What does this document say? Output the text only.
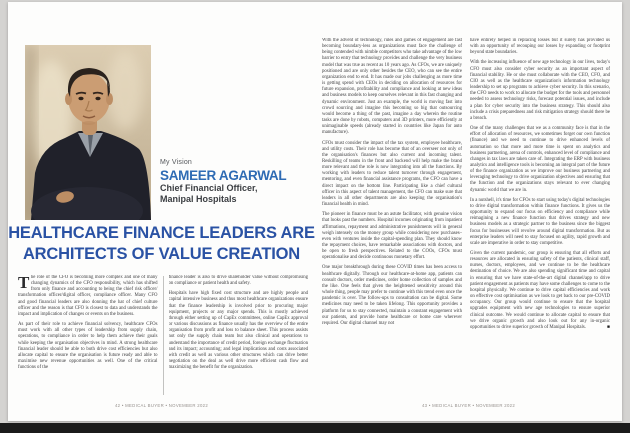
My Vision
SAMEER AGARWAL
Chief Financial Officer,
Manipal Hospitals
HEALTHCARE FINANCE LEADERS ARE
ARCHITECTS OF VALUE CREATION

The role of the CFO is becoming more complex and one of many changing dynamics of the CFO responsibility, which has shifted from only finance and accounting to being the chief risk officer/ transformation officer/digital officer, compliance officer. Many CFO and good financial leaders are also donning the hat of chief culture officer and the reason is that CFO is closest to data and understands the impact and implication of changes or events on the business.

As part of their role to achieve financial solvency, healthcare CFOs must work with all other types of leadership from supply chain, operations, to compliance in order to help them achieve their goals while keeping the organisation objectives in mind. A strong healthcare financial leader should be able to both drive cost efficiencies but also allocate capital to ensure the organisation is future ready and able to maximise new revenue opportunities as well. One of the critical functions of the

finance leader is also to drive shareholder value without compromising on compliance or patient health and safety.

Hospitals have high fixed cost structure and are highly people and capital intensive business and thus most healthcare organizations ensure that the finance leadership is involved prior to procuring major equipment, projects or any major spends. This is mostly achieved through either setting up of CapEx committees, online CapEx approval or various discussions as finance usually has the overview of the entire organisation from profit and loss to balance sheet. This process assists not only the supply chain team but also clinical and operations to understand the importance of credit period, foreign exchange fluctuation and its impact; accounting; and legal implications and costs associated with credit as well as various other structures which can drive better negotiation on the deal as well drive more efficient cash flow and maximizing the benefit for the organization.

42 • MEDICAL BUYER • NOVEMBER 2022

With the advent of technology, rules and games of engagement are fast becoming boundary-less as organizations must face the challenge of being contended with nimble competitors who take advantage of the low barrier to entry that technology provides and challenge the very business model that was true as recent as 10 years ago. As CFOs, we are uniquely positioned and are only other besides the CEO, who can see the entire organization end to end. It has made our jobs challenging as more time is getting spend with CEOs in deciding on allocation of resources for future expansion, profitability and compliance and looking at new ideas and business models to keep ourselves relevant in this fast changing and dynamic environment. Just an example, the world is moving fast into crowd sourcing and imagine this becoming so big that outsourcing would become a thing of the past, imagine a day wherein the routine tasks are done by robots, computers and 3D printers, more efficiently at unimaginable speeds (already started in countries like Japan for auto manufacture).

CFOs must consider the impact of the tax system, employee healthcare, and utility costs. Their role has become that of an overseer not only of the organisation's finances but also current and incoming talent. Reskilling of teams in the front and backend will help make the brand more relevant and the role is now integrating into all the functions. By working with leaders to reduce talent turnover through engagement, mentoring, and even financial assistance programs, the CFO can have a direct impact on the bottom line. Participating like a chief cultural officer in this aspect of talent management, the CFO can make sure that leaders in all other departments are also keeping the organisation's financial health in mind.

The pioneer in finance must be an astute facilitator, with genuine vision that looks past the numbers. Hospital incomes originating from inpatient affirmations, repayment and administrative punishments will in general weigh intensely on the money group while considering new purchases–even with ventures inside the capital-spending plan. They should know the repayment choices, have remarkable associations with doctors, and be open to fresh perspectives. Related to the COOs, CFOs must operationalise and decide continuous monetary effort.

One major breakthrough during these COVID times has been access to healthcare digitally. Through our healthcare-at-home app, patients can consult doctors, order medicines, order home collection of samples and the like. One feels that given the heightened sensitivity around this whole thing, people may prefer to continue with this trend even once the pandemic is over. The follow-ups to consultation can be digital. Some medicines may need to be taken lifelong. This opportunity provides a platform for us to stay connected, maintain a constant engagement with our patients, and provide home healthcare or home care wherever required. Our digital channel may not

have entirely helped in replacing losses but it surely has provided us with an opportunity of recouping our losses by expanding or footprint beyond state boundaries.

With the increasing influence of new age technology in our lives, today's CFO must also consider cyber security as an important aspect of financial stability. He or she must collaborate with the CEO, CFO, and CIO as well as the healthcare organization's information technology leadership to set up programs to achieve cyber security. In this scenario, the CFO needs to work to allocate the budget for the tools and personnel needed to assess technology risks, forecast potential issues, and include a plan for cyber security into the business strategy. This should also include a crisis preparedness and risk mitigation strategy should there be a breach.

One of the many challenges that we as a community face is that in the effort of allocation of resources, we sometimes forget our own function (finance) and we need to continue to drive enhanced levels of automation so that more and more time is spent on analytics and business partnering, arena of controls, enhanced level of compliance and changes in tax laws are taken care of. Integrating the ERP with business analytics and intelligence tools is becoming an integral part of the future of the finance organization as we improve our business partnering and leveraging technology to drive organization objectives and ensuring that the function and the organizations stays relevant to ever changing dynamic world that we are in.

In a nutshell, it's time for CFOs to start using today's digital technologies to drive digital transformation within finance functions. It gives us the opportunity to expand our focus on efficiency and compliance while reimagining a new finance function that drives strategy and new business models as a strategic partner to the business since the biggest focus for businesses will revolve around digital transformation. But as enterprise leaders will need to stay focused on agility, rapid growth and scale are imperative in order to stay competitive.

Given the current pandemic, our group is ensuring that all efforts and resources are allocated in ensuring safety of the patients, clinical staff, nurses, doctors, employees, and we continue to be the healthcare destination of choice. We are also spending significant time and capital in ensuring that we have state-of-the-art digital channel/app to drive patient engagement as patients may have some challenges to come to the hospital physically. We continue to drive capital efficiencies and work on effective cost optimisation as we look to get back to our pre-COVID occupancy. Our group would continue to ensure that the hospital upgrades equipment with new age technologies to ensure superior clinical outcome. We would continue to allocate capital to ensure that we drive organic growth and also look out for any in-organic opportunities to drive superior growth of Manipal Hospitals.	■

43 • MEDICAL BUYER • NOVEMBER 2022
